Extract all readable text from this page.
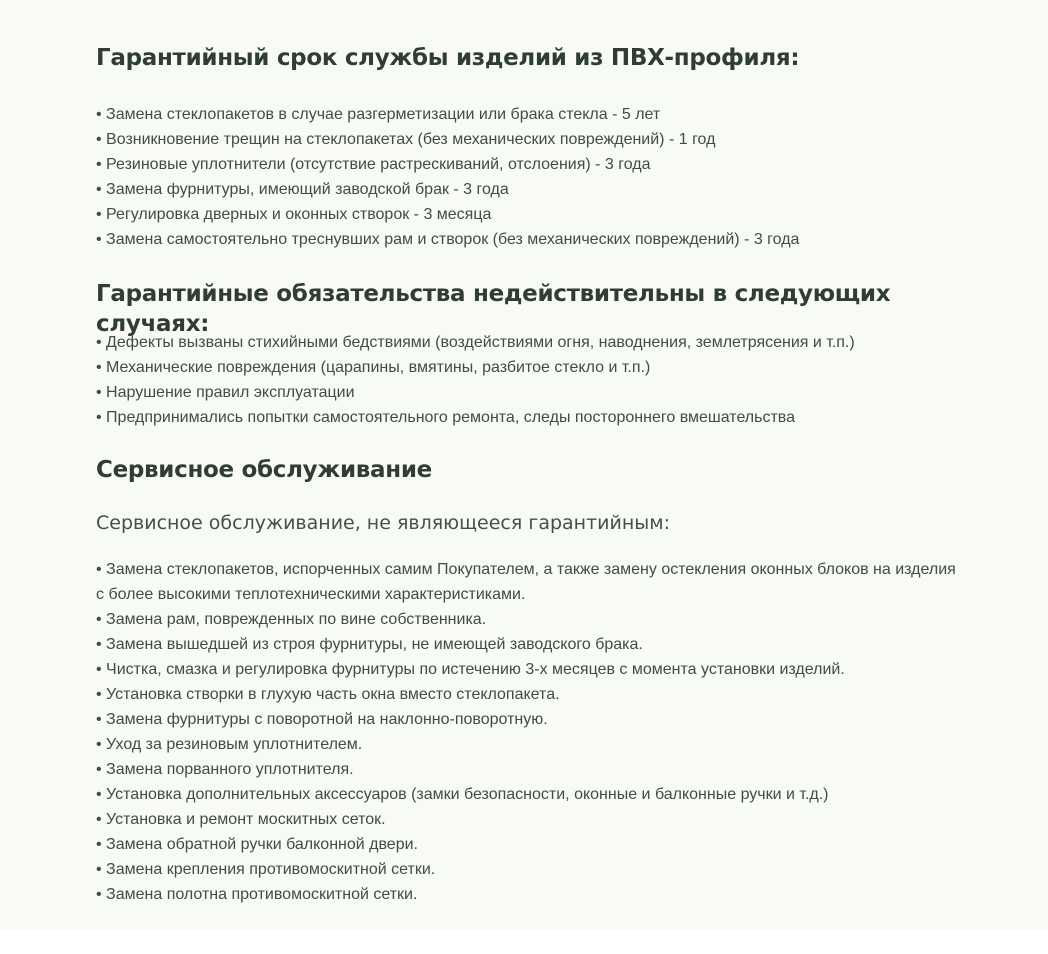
Гарантийный срок службы изделий из ПВХ-профиля:
• Замена стеклопакетов в случае разгерметизации или брака стекла - 5 лет
• Возникновение трещин на стеклопакетах (без механических повреждений) - 1 год
• Резиновые уплотнители (отсутствие растрескиваний, отслоения) - 3 года
• Замена фурнитуры, имеющий заводской брак - 3 года
• Регулировка дверных и оконных створок - 3 месяца
• Замена самостоятельно треснувших рам и створок (без механических повреждений) - 3 года
Гарантийные обязательства недействительны в следующих случаях:
• Дефекты вызваны стихийными бедствиями (воздействиями огня, наводнения, землетрясения и т.п.)
• Механические повреждения (царапины, вмятины, разбитое стекло и т.п.)
• Нарушение правил эксплуатации
• Предпринимались попытки самостоятельного ремонта, следы постороннего вмешательства
Сервисное обслуживание
Сервисное обслуживание, не являющееся гарантийным:
• Замена стеклопакетов, испорченных самим Покупателем, а также замену остекления оконных блоков на изделия с более высокими теплотехническими характеристиками.
• Замена рам, поврежденных по вине собственника.
• Замена вышедшей из строя фурнитуры, не имеющей заводского брака.
• Чистка, смазка и регулировка фурнитуры по истечению 3-х месяцев с момента установки изделий.
• Установка створки в глухую часть окна вместо стеклопакета.
• Замена фурнитуры с поворотной на наклонно-поворотную.
• Уход за резиновым уплотнителем.
• Замена порванного уплотнителя.
• Установка дополнительных аксессуаров (замки безопасности, оконные и балконные ручки и т.д.)
• Установка и ремонт москитных сеток.
• Замена обратной ручки балконной двери.
• Замена крепления противомоскитной сетки.
• Замена полотна противомоскитной сетки.
